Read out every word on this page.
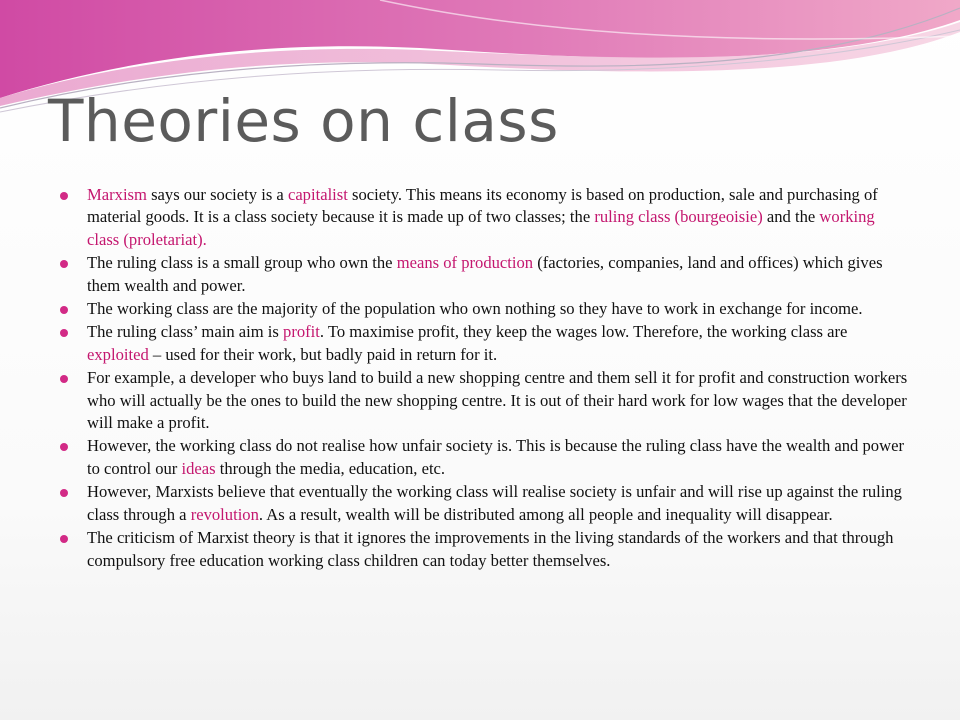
Theories on class
Marxism says our society is a capitalist society. This means its economy is based on production, sale and purchasing of material goods. It is a class society because it is made up of two classes; the ruling class (bourgeoisie) and the working class (proletariat).
The ruling class is a small group who own the means of production (factories, companies, land and offices) which gives them wealth and power.
The working class are the majority of the population who own nothing so they have to work in exchange for income.
The ruling class’ main aim is profit. To maximise profit, they keep the wages low. Therefore, the working class are exploited – used for their work, but badly paid in return for it.
For example, a developer who buys land to build a new shopping centre and them sell it for profit and construction workers who will actually be the ones to build the new shopping centre. It is out of their hard work for low wages that the developer will make a profit.
However, the working class do not realise how unfair society is. This is because the ruling class have the wealth and power to control our ideas through the media, education, etc.
However, Marxists believe that eventually the working class will realise society is unfair and will rise up against the ruling class through a revolution. As a result, wealth will be distributed among all people and inequality will disappear.
The criticism of Marxist theory is that it ignores the improvements in the living standards of the workers and that through compulsory free education working class children can today better themselves.
